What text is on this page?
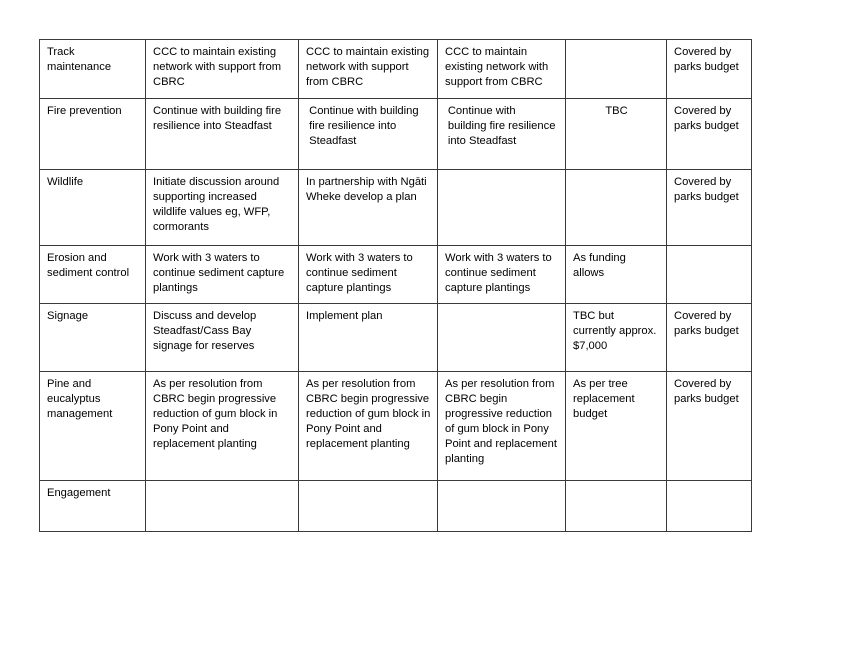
Track maintenance	CCC to maintain existing network with support from CBRC	CCC to maintain existing network with support from CBRC	CCC to maintain existing network with support from CBRC		Covered by parks budget

Fire prevention	Continue with building fire resilience into Steadfast	Continue with building fire resilience into Steadfast	Continue with building fire resilience into Steadfast	TBC	Covered by parks budget

Wildlife	Initiate discussion around supporting increased wildlife values eg, WFP, cormorants	In partnership with Ngāti Wheke develop a plan			Covered by parks budget

Erosion and sediment control	Work with 3 waters to continue sediment capture plantings	Work with 3 waters to continue sediment capture plantings	Work with 3 waters to continue sediment capture plantings	As funding allows	

Signage	Discuss and develop Steadfast/Cass Bay signage for reserves	Implement plan		TBC but currently approx. $7,000	Covered by parks budget

Pine and eucalyptus management	As per resolution from CBRC begin progressive reduction of gum block in Pony Point and replacement planting	As per resolution from CBRC begin progressive reduction of gum block in Pony Point and replacement planting	As per resolution from CBRC begin progressive reduction of gum block in Pony Point and replacement planting	As per tree replacement budget	Covered by parks budget

Engagement					
